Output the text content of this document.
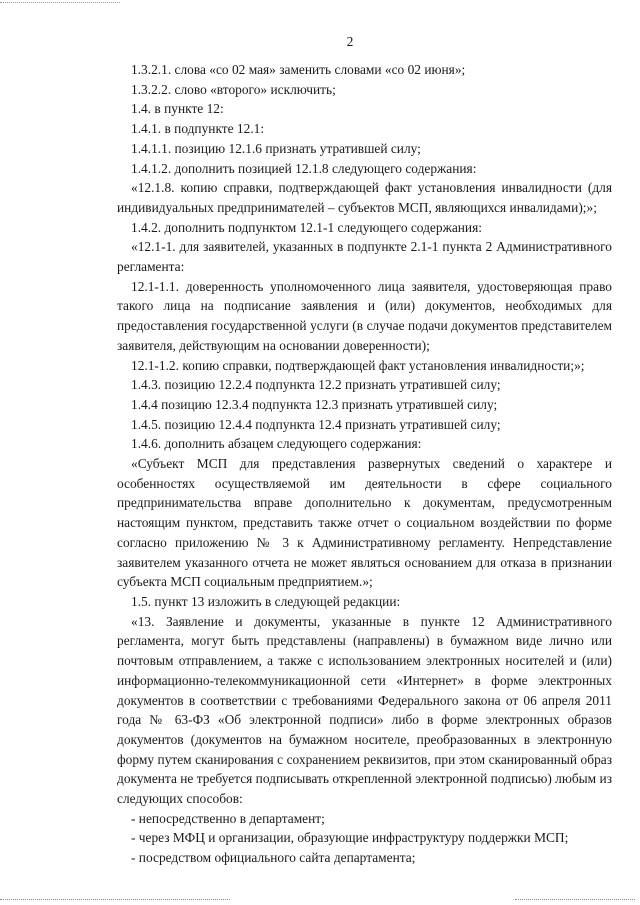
2

1.3.2.1. слова «со 02 мая» заменить словами «со 02 июня»;

1.3.2.2. слово «второго» исключить;

1.4. в пункте 12:

1.4.1. в подпункте 12.1:

1.4.1.1. позицию 12.1.6 признать утратившей силу;

1.4.1.2. дополнить позицией 12.1.8 следующего содержания:

«12.1.8. копию справки, подтверждающей факт установления инвалидности (для индивидуальных предпринимателей – субъектов МСП, являющихся инвалидами);»;

1.4.2. дополнить подпунктом 12.1-1 следующего содержания:

«12.1-1. для заявителей, указанных в подпункте 2.1-1 пункта 2 Административного регламента:

12.1-1.1. доверенность уполномоченного лица заявителя, удостоверяющая право такого лица на подписание заявления и (или) документов, необходимых для предоставления государственной услуги (в случае подачи документов представителем заявителя, действующим на основании доверенности);

12.1-1.2. копию справки, подтверждающей факт установления инвалидности;»;

1.4.3. позицию 12.2.4 подпункта 12.2 признать утратившей силу;

1.4.4 позицию 12.3.4 подпункта 12.3 признать утратившей силу;

1.4.5. позицию 12.4.4 подпункта 12.4 признать утратившей силу;

1.4.6. дополнить абзацем следующего содержания:

«Субъект МСП для представления развернутых сведений о характере и особенностях осуществляемой им деятельности в сфере социального предпринимательства вправе дополнительно к документам, предусмотренным настоящим пунктом, представить также отчет о социальном воздействии по форме согласно приложению № 3 к Административному регламенту. Непредставление заявителем указанного отчета не может являться основанием для отказа в признании субъекта МСП социальным предприятием.»;

1.5. пункт 13 изложить в следующей редакции:

«13. Заявление и документы, указанные в пункте 12 Административного регламента, могут быть представлены (направлены) в бумажном виде лично или почтовым отправлением, а также с использованием электронных носителей и (или) информационно-телекоммуникационной сети «Интернет» в форме электронных документов в соответствии с требованиями Федерального закона от 06 апреля 2011 года № 63-ФЗ «Об электронной подписи» либо в форме электронных образов документов (документов на бумажном носителе, преобразованных в электронную форму путем сканирования с сохранением реквизитов, при этом сканированный образ документа не требуется подписывать открепленной электронной подписью) любым из следующих способов:

- непосредственно в департамент;

- через МФЦ и организации, образующие инфраструктуру поддержки МСП;

- посредством официального сайта департамента;
